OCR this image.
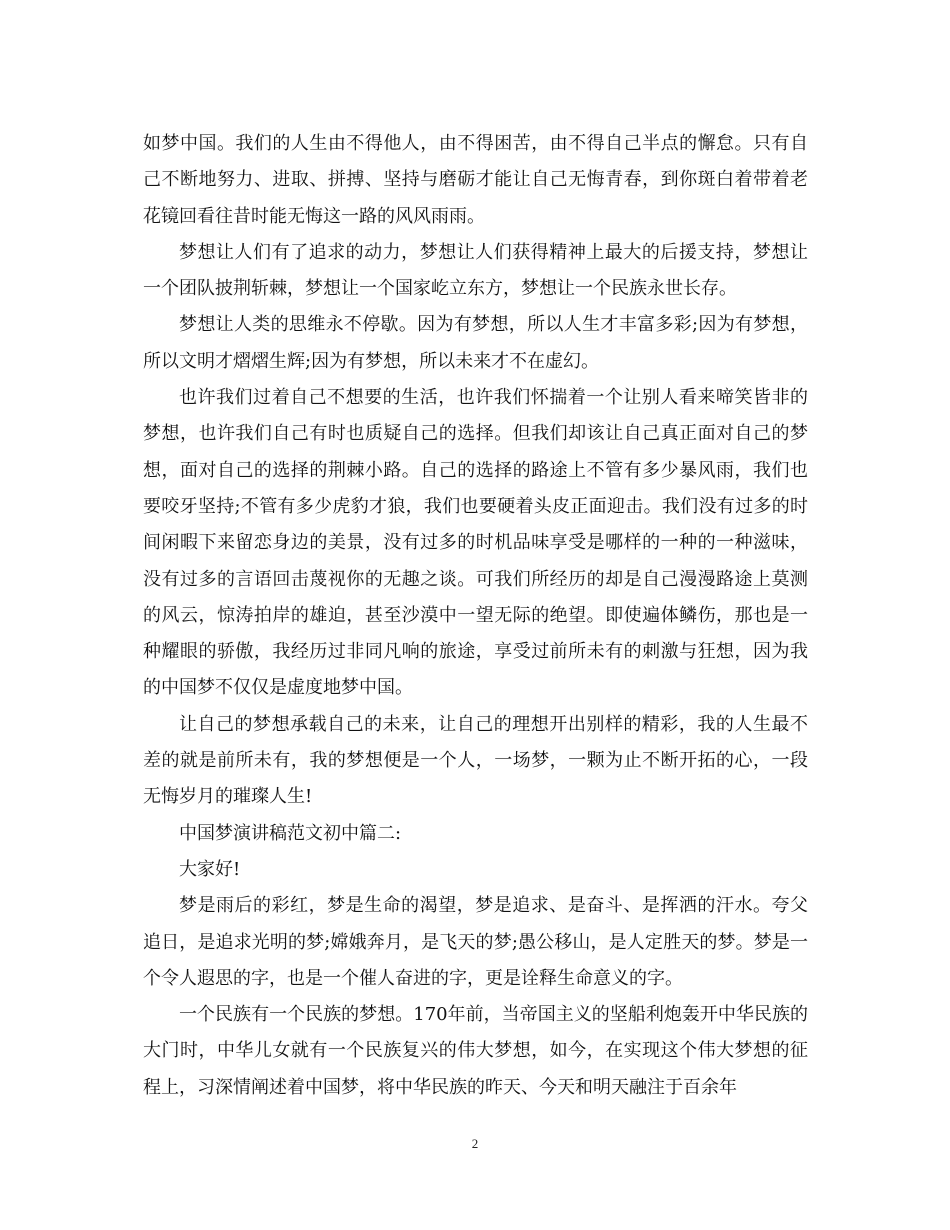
如梦中国。我们的人生由不得他人，由不得困苦，由不得自己半点的懈怠。只有自己不断地努力、进取、拼搏、坚持与磨砺才能让自己无悔青春，到你斑白着带着老花镜回看往昔时能无悔这一路的风风雨雨。

梦想让人们有了追求的动力，梦想让人们获得精神上最大的后援支持，梦想让一个团队披荆斩棘，梦想让一个国家屹立东方，梦想让一个民族永世长存。

梦想让人类的思维永不停歇。因为有梦想，所以人生才丰富多彩;因为有梦想，所以文明才熠熠生辉;因为有梦想，所以未来才不在虚幻。

也许我们过着自己不想要的生活，也许我们怀揣着一个让别人看来啼笑皆非的梦想，也许我们自己有时也质疑自己的选择。但我们却该让自己真正面对自己的梦想，面对自己的选择的荆棘小路。自己的选择的路途上不管有多少暴风雨，我们也要咬牙坚持;不管有多少虎豹才狼，我们也要硬着头皮正面迎击。我们没有过多的时间闲暇下来留恋身边的美景，没有过多的时机品味享受是哪样的一种的一种滋味，没有过多的言语回击蔑视你的无趣之谈。可我们所经历的却是自己漫漫路途上莫测的风云，惊涛拍岸的雄迫，甚至沙漠中一望无际的绝望。即使遍体鳞伤，那也是一种耀眼的骄傲，我经历过非同凡响的旅途，享受过前所未有的刺激与狂想，因为我的中国梦不仅仅是虚度地梦中国。

让自己的梦想承载自己的未来，让自己的理想开出别样的精彩，我的人生最不差的就是前所未有，我的梦想便是一个人，一场梦，一颗为止不断开拓的心，一段无悔岁月的璀璨人生!

中国梦演讲稿范文初中篇二:

大家好!

梦是雨后的彩红，梦是生命的渴望，梦是追求、是奋斗、是挥洒的汗水。夸父追日，是追求光明的梦;嫦娥奔月，是飞天的梦;愚公移山，是人定胜天的梦。梦是一个令人遐思的字，也是一个催人奋进的字，更是诠释生命意义的字。

一个民族有一个民族的梦想。170年前，当帝国主义的坚船利炮轰开中华民族的大门时，中华儿女就有一个民族复兴的伟大梦想，如今，在实现这个伟大梦想的征程上，习深情阐述着中国梦，将中华民族的昨天、今天和明天融注于百余年

2
